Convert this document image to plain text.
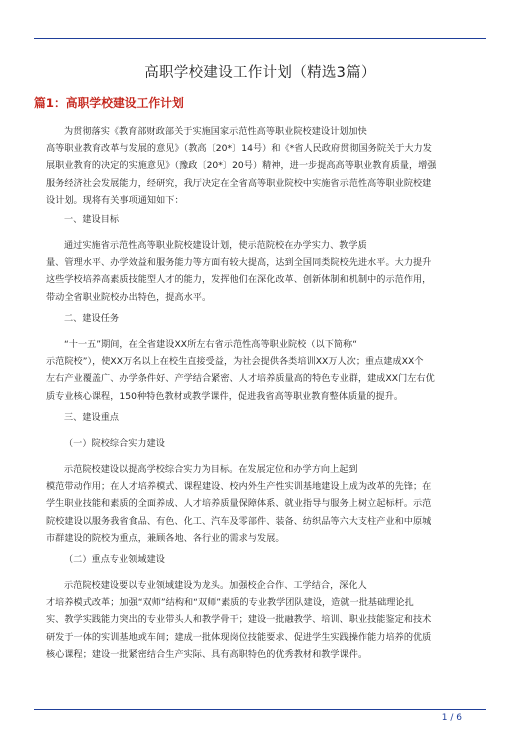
高职学校建设工作计划（精选3篇）
篇1：高职学校建设工作计划
为贯彻落实《教育部财政部关于实施国家示范性高等职业院校建设计划加快
高等职业教育改革与发展的意见》（教高〔20*〕14号）和《*省人民政府贯彻国务院关于大力发
展职业教育的决定的实施意见》（豫政〔20*〕20号）精神，进一步提高高等职业教育质量，增强
服务经济社会发展能力，经研究，我厅决定在全省高等职业院校中实施省示范性高等职业院校建
设计划。现将有关事项通知如下：
一、建设目标
通过实施省示范性高等职业院校建设计划，使示范院校在办学实力、教学质
量、管理水平、办学效益和服务能力等方面有较大提高，达到全国同类院校先进水平。大力提升
这些学校培养高素质技能型人才的能力，发挥他们在深化改革、创新体制和机制中的示范作用，
带动全省职业院校办出特色，提高水平。
二、建设任务
“十一五”期间，在全省建设XX所左右省示范性高等职业院校（以下简称“
示范院校”），使XX万名以上在校生直接受益，为社会提供各类培训XX万人次；重点建成XX个
左右产业覆盖广、办学条件好、产学结合紧密、人才培养质量高的特色专业群，建成XX门左右优
质专业核心课程，150种特色教材或教学课件，促进我省高等职业教育整体质量的提升。
三、建设重点
（一）院校综合实力建设
示范院校建设以提高学校综合实力为目标。在发展定位和办学方向上起到
模范带动作用；在人才培养模式、课程建设、校内外生产性实训基地建设上成为改革的先锋；在
学生职业技能和素质的全面养成、人才培养质量保障体系、就业指导与服务上树立起标杆。示范
院校建设以服务我省食品、有色、化工、汽车及零部件、装备、纺织品等六大支柱产业和中原城
市群建设的院校为重点，兼顾各地、各行业的需求与发展。
（二）重点专业领域建设
示范院校建设要以专业领域建设为龙头。加强校企合作、工学结合，深化人
才培养模式改革；加强“双师”结构和“双师”素质的专业教学团队建设，造就一批基础理论扎
实、教学实践能力突出的专业带头人和教学骨干；建设一批融教学、培训、职业技能鉴定和技术
研发于一体的实训基地或车间；建成一批体现岗位技能要求、促进学生实践操作能力培养的优质
核心课程；建设一批紧密结合生产实际、具有高职特色的优秀教材和教学课件。
1 / 6
